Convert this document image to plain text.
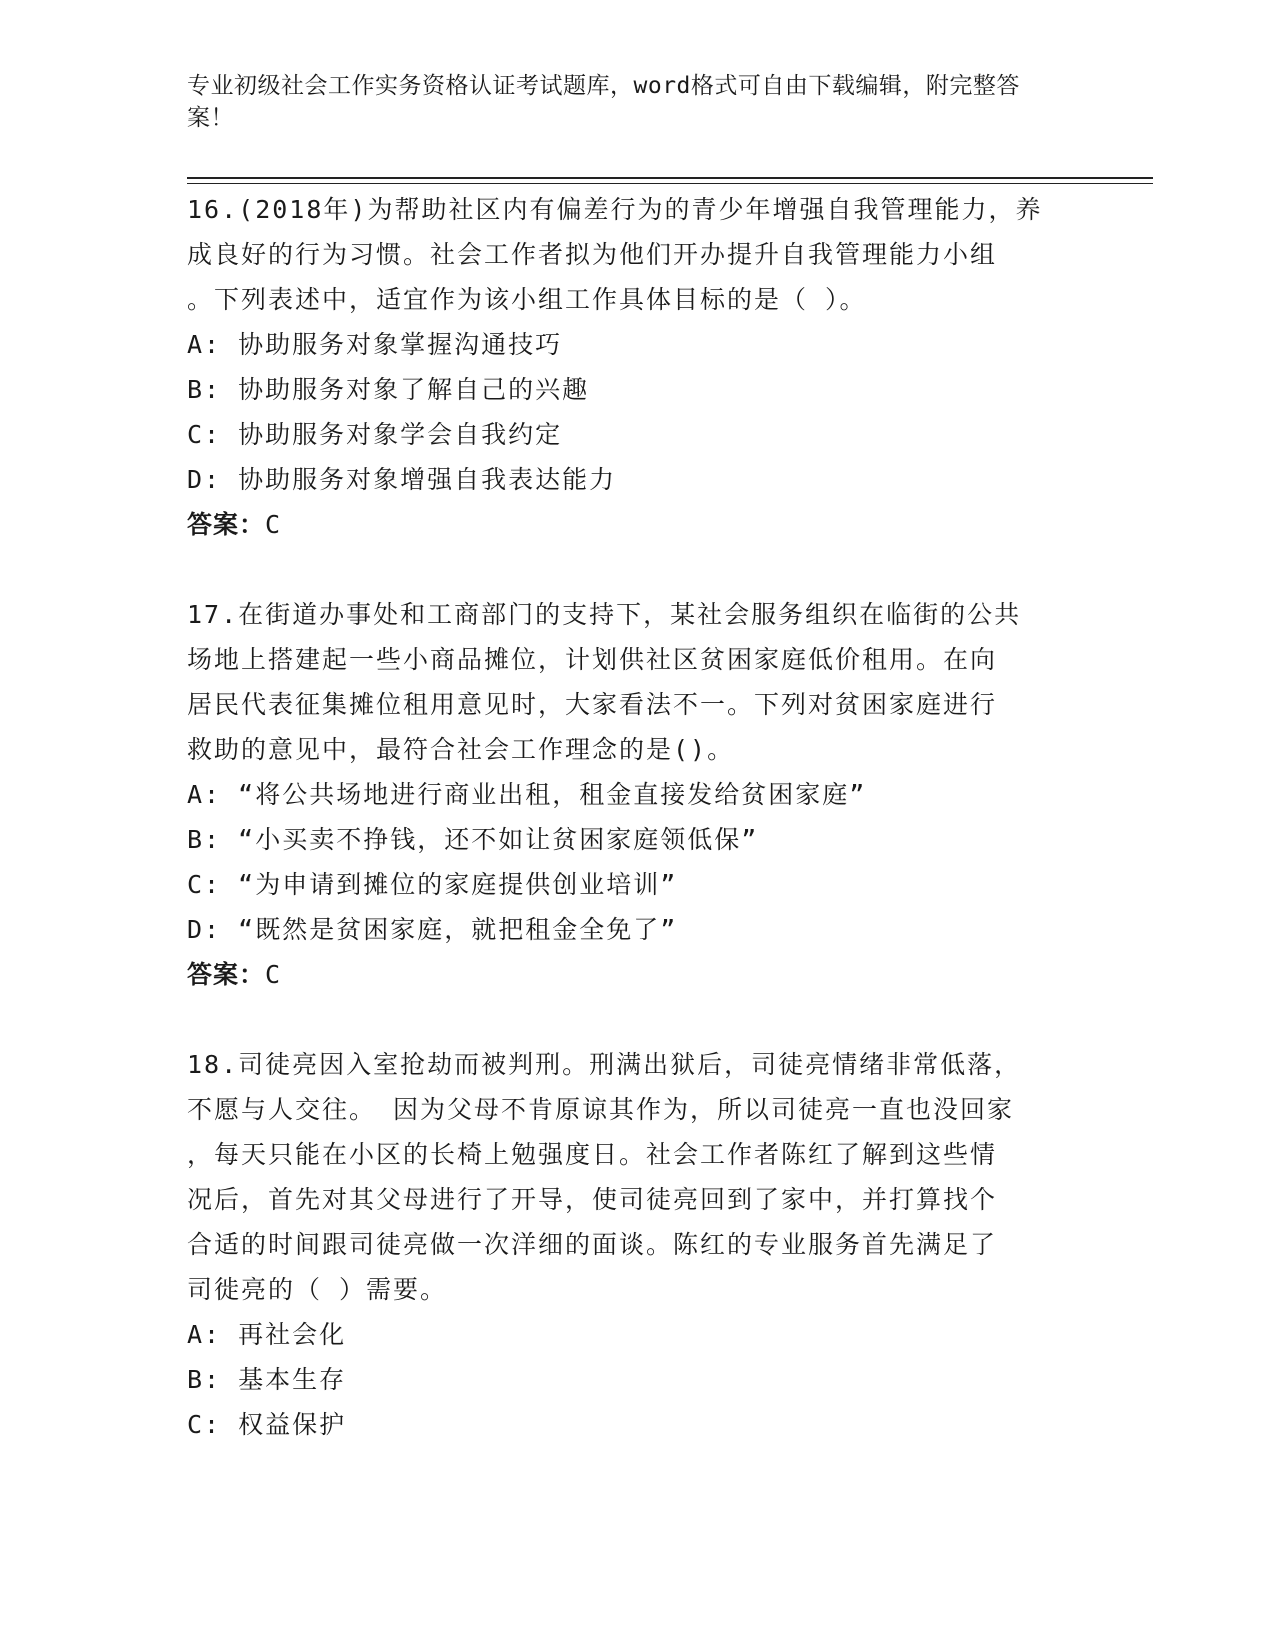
专业初级社会工作实务资格认证考试题库，word格式可自由下载编辑，附完整答案！
16.(2018年)为帮助社区内有偏差行为的青少年增强自我管理能力，养
成良好的行为习惯。社会工作者拟为他们开办提升自我管理能力小组
。下列表述中，适宜作为该小组工作具体目标的是（ ）。
A: 协助服务对象掌握沟通技巧
B: 协助服务对象了解自己的兴趣
C: 协助服务对象学会自我约定
D: 协助服务对象增强自我表达能力
答案：C
17.在街道办事处和工商部门的支持下，某社会服务组织在临街的公共
场地上搭建起一些小商品摊位，计划供社区贫困家庭低价租用。在向
居民代表征集摊位租用意见时，大家看法不一。下列对贫困家庭进行
救助的意见中，最符合社会工作理念的是()。
A: “将公共场地进行商业出租，租金直接发给贫困家庭”
B: “小买卖不挣钱，还不如让贫困家庭领低保”
C: “为申请到摊位的家庭提供创业培训”
D: “既然是贫困家庭，就把租金全免了”
答案：C
18.司徒亮因入室抢劫而被判刑。刑满出狱后，司徒亮情绪非常低落，
不愿与人交往。 因为父母不肯原谅其作为，所以司徒亮一直也没回家
，每天只能在小区的长椅上勉强度日。社会工作者陈红了解到这些情
况后，首先对其父母进行了开导，使司徒亮回到了家中，并打算找个
合适的时间跟司徒亮做一次洋细的面谈。陈红的专业服务首先满足了
司徙亮的（ ）需要。
A: 再社会化
B: 基本生存
C: 权益保护
